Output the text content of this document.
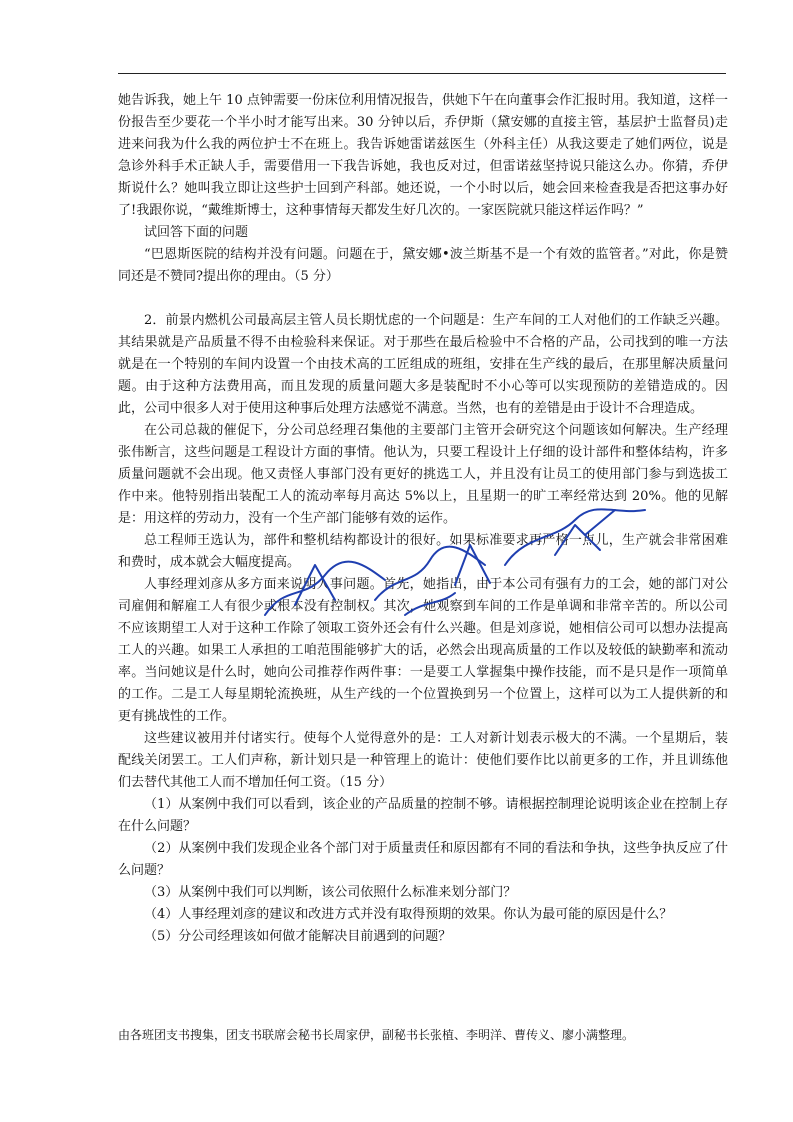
她告诉我，她上午 10 点钟需要一份床位利用情况报告，供她下午在向董事会作汇报时用。我知道，这样一份报告至少要花一个半小时才能写出来。30 分钟以后，乔伊斯（黛安娜的直接主管，基层护士监督员)走进来问我为什么我的两位护士不在班上。我告诉她雷诺兹医生（外科主任）从我这要走了她们两位，说是急诊外科手术正缺人手，需要借用一下我告诉她，我也反对过，但雷诺兹坚持说只能这么办。你猜，乔伊斯说什么？她叫我立即让这些护士回到产科部。她还说，一个小时以后，她会回来检查我是否把这事办好了!我跟你说，“戴维斯博士，这种事情每天都发生好几次的。一家医院就只能这样运作吗？”

试回答下面的问题

“巴恩斯医院的结构并没有问题。问题在于，黛安娜•波兰斯基不是一个有效的监管者。”对此，你是赞同还是不赞同?提出你的理由。（5 分）

2．前景内燃机公司最高层主管人员长期忧虑的一个问题是：生产车间的工人对他们的工作缺乏兴趣。其结果就是产品质量不得不由检验科来保证。对于那些在最后检验中不合格的产品，公司找到的唯一方法就是在一个特别的车间内设置一个由技术高的工匠组成的班组，安排在生产线的最后，在那里解决质量问题。由于这种方法费用高，而且发现的质量问题大多是装配时不小心等可以实现预防的差错造成的。因此，公司中很多人对于使用这种事后处理方法感觉不满意。当然，也有的差错是由于设计不合理造成。

在公司总裁的催促下，分公司总经理召集他的主要部门主管开会研究这个问题该如何解决。生产经理张伟断言，这些问题是工程设计方面的事情。他认为，只要工程设计上仔细的设计部件和整体结构，许多质量问题就不会出现。他又责怪人事部门没有更好的挑选工人，并且没有让员工的使用部门参与到选拔工作中来。他特别指出装配工人的流动率每月高达 5%以上，且星期一的旷工率经常达到 20%。他的见解是：用这样的劳动力，没有一个生产部门能够有效的运作。

总工程师王选认为，部件和整机结构都设计的很好。如果标准要求再严格一点儿，生产就会非常困难和费时，成本就会大幅度提高。

人事经理刘彦从多方面来说明人事问题。首先，她指出，由于本公司有强有力的工会，她的部门对公司雇佣和解雇工人有很少或根本没有控制权。其次，她观察到车间的工作是单调和非常辛苦的。所以公司不应该期望工人对于这种工作除了领取工资外还会有什么兴趣。但是刘彦说，她相信公司可以想办法提高工人的兴趣。如果工人承担的工咱范围能够扩大的话，必然会出现高质量的工作以及较低的缺勤率和流动率。当问她议是什么时，她向公司推荐作两件事：一是要工人掌握集中操作技能，而不是只是作一项简单的工作。二是工人每星期轮流换班，从生产线的一个位置换到另一个位置上，这样可以为工人提供新的和更有挑战性的工作。

这些建议被用并付诸实行。使每个人觉得意外的是：工人对新计划表示极大的不满。一个星期后，装配线关闭罢工。工人们声称，新计划只是一种管理上的诡计：使他们要作比以前更多的工作，并且训练他们去替代其他工人而不增加任何工资。（15 分）

（1）从案例中我们可以看到，该企业的产品质量的控制不够。请根据控制理论说明该企业在控制上存在什么问题？

（2）从案例中我们发现企业各个部门对于质量责任和原因都有不同的看法和争执，这些争执反应了什么问题？

（3）从案例中我们可以判断，该公司依照什么标准来划分部门？

（4）人事经理刘彦的建议和改进方式并没有取得预期的效果。你认为最可能的原因是什么？

（5）分公司经理该如何做才能解决目前遇到的问题？

由各班团支书搜集，团支书联席会秘书长周家伊，副秘书长张植、李明洋、曹传义、廖小满整理。
